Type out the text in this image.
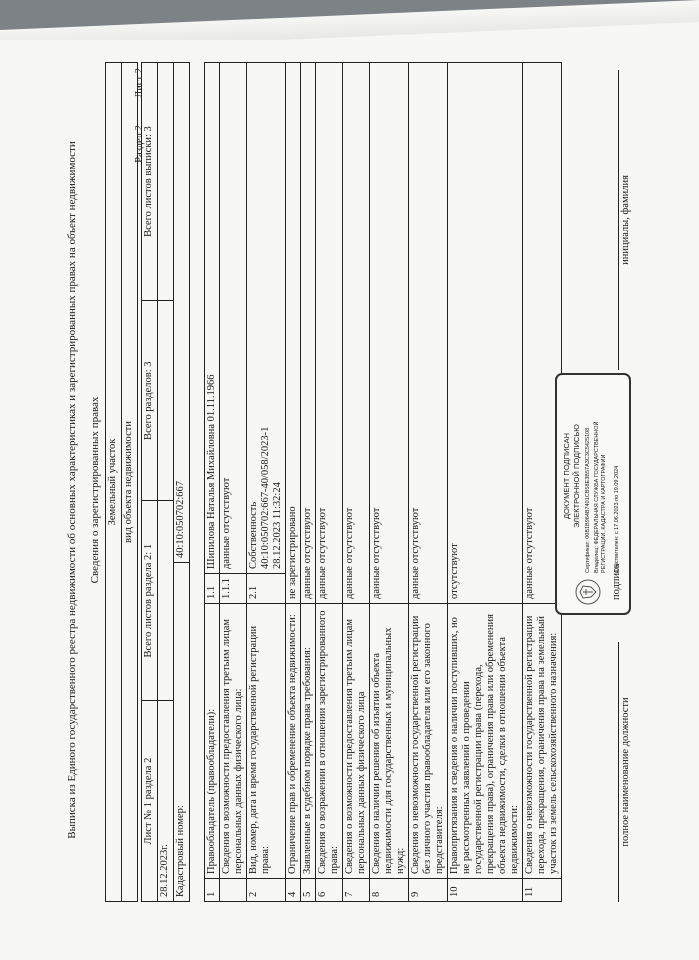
Раздел 2  Лист 2
Выписка из Единого государственного реестра недвижимости об основных характеристиках и зарегистрированных правах на объект недвижимости Сведения о зарегистрированных правах Земельный участок
вид объекта недвижимости
Лист № 1 раздела 2	Всего листов раздела 2: 1	Всего разделов: 3	Всего листов выписки: 3
28.12.2023г.			Кадастровый номер:	40:10:050702:667
1	Правообладатель (правообладатели):	1.1	Шипилова Наталья Михайловна 01.11.1966
	Сведения о возможности предоставления третьим лицам персональных данных физического лица:	1.1.1	данные отсутствуют
2	Вид, номер, дата и время государственной регистрации права:	2.1	Собственность 40:10:050702:667-40/058/2023-1 28.12.2023 11:32:24

4	Ограничение прав и обременение объекта недвижимости:	не зарегистрировано	
5	Заявленные в судебном порядке права требования:	данные отсутствуют	
6	Сведения о возражении в отношении зарегистрированного права:	данные отсутствуют	
7	Сведения о возможности предоставления третьим лицам персональных данных физического лица	данные отсутствуют	
8	Сведения о наличии решения об изъятии объекта недвижимости для государственных и муниципальных нужд:	данные отсутствуют	
9	Сведения о невозможности государственной регистрации без личного участия правообладателя или его законного представителя:	данные отсутствуют	
10	Правопритязания и сведения о наличии поступивших, но не рассмотренных заявлений о проведении государственной регистрации права (перехода, прекращения права), ограничения права или обременения объекта недвижимости, сделки в отношении объекта недвижимости:	отсутствуют	
11	Сведения о невозможности государственной регистрации перехода, прекращения, ограничения права на земельный участок из земель сельскохозяйственного назначения:	данные отсутствуют	
ДОКУМЕНТ ПОДПИСАН ЭЛЕКТРОННОЙ ПОДПИСЬЮ Сертификат: 00B1B964B7401CB58E3B57A3C3C5425108 Владелец: ФЕДЕРАЛЬНАЯ СЛУЖБА ГОСУДАРСТВЕННОЙ РЕГИСТРАЦИИ, КАДАСТРА И КАРТОГРАФИИ Действителен: с 17.06.2023 по 19.09.2024
полное наименование должности
подпись
инициалы, фамилия
